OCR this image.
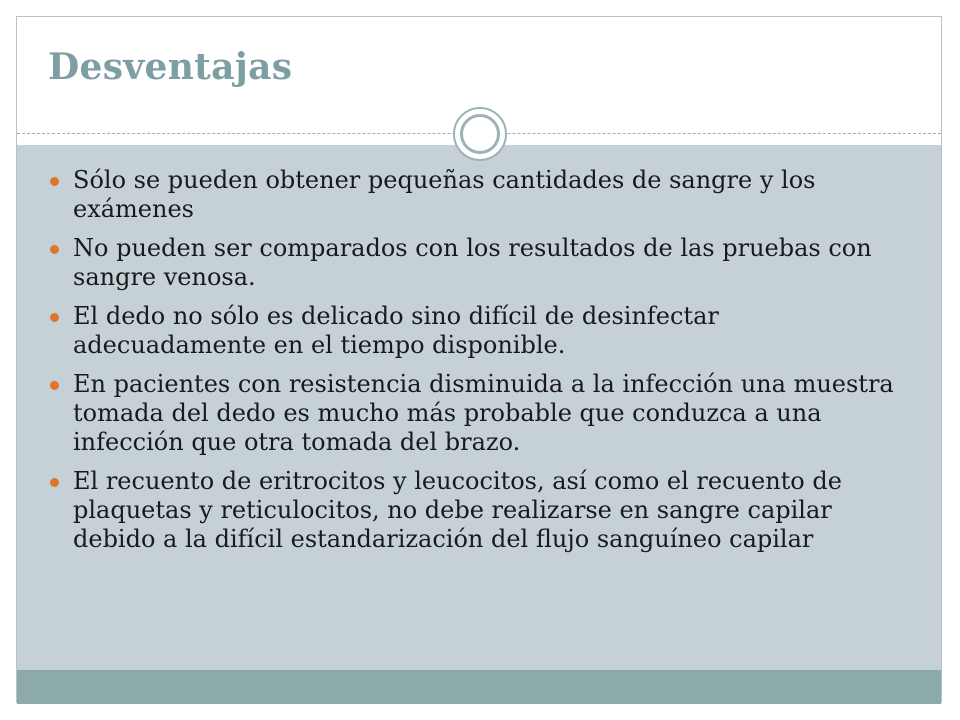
Desventajas
Sólo se pueden obtener pequeñas cantidades de sangre y los exámenes
No pueden ser comparados con los resultados de las pruebas con sangre venosa.
El dedo no sólo es delicado sino difícil de desinfectar adecuadamente en el tiempo disponible.
En pacientes con resistencia disminuida a la infección una muestra tomada del dedo es mucho más probable que conduzca a una infección que otra tomada del brazo.
El recuento de eritrocitos y leucocitos, así como el recuento de plaquetas y reticulocitos, no debe realizarse en sangre capilar debido a la difícil estandarización del flujo sanguíneo capilar
